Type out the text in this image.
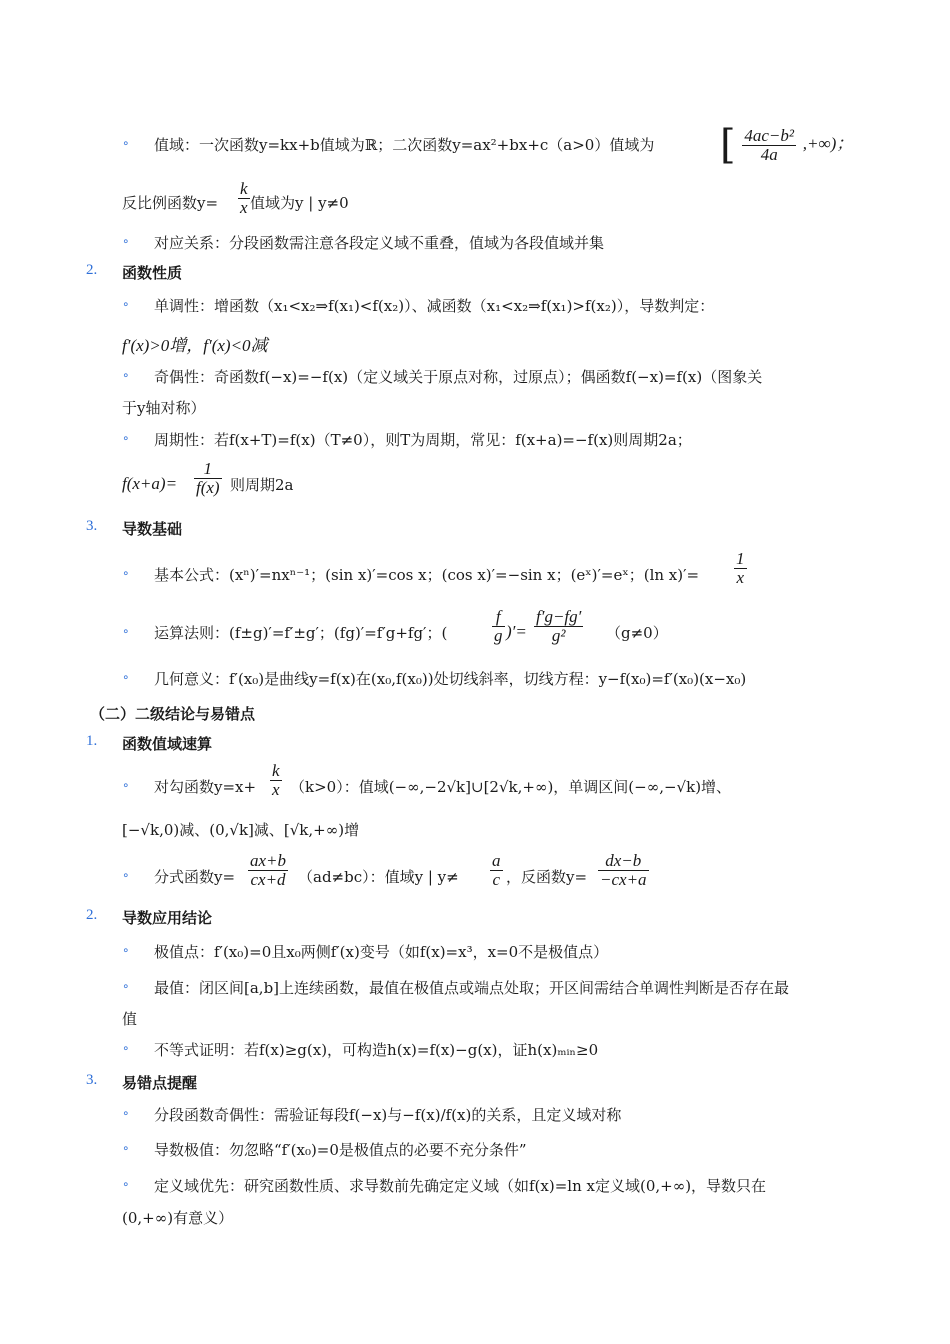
∘ 值域：一次函数y=kx+b值域为ℝ；二次函数y=ax²+bx+c（a>0）值域为 [ $\frac{\text{4ac−b²}}{4a}$ ,+∞)；
反比例函数$y= \frac{k}{x}$ 值域为y | y≠0
∘ 对应关系：分段函数需注意各段定义域不重叠，值域为各段值域并集
2. 函数性质
∘ 单调性：增函数（x₁<x₂⇒f(x₁)<f(x₂)）、减函数（x₁<x₂⇒f(x₁)>f(x₂)），导数判定：
f′(x)>0增，f′(x)<0减
∘ 奇偶性：奇函数f(−x)=−f(x)（定义域关于原点对称，过原点）；偶函数f(−x)=f(x)（图象关
于y轴对称）
∘ 周期性：若f(x+T)=f(x)（T≠0），则T为周期，常见：f(x+a)=−f(x)则周期2a；
$f(x+a)= \frac{1}{f(x)}$ 则周期2a
3. 导数基础
∘ 基本公式：(xⁿ)′=nxⁿ⁻¹；(sin x)′=cos x；(cos x)′=−sin x；(eˣ)′=eˣ；(ln $x)'= \frac{1}{x}$
∘ 运算法则：(f±g)′=f′±g′；(fg)′=f′g+fg′；(	$\frac{f}{g}$ )′= $\frac{f'g-fg'}{\text{g²}} (g\ne 0)$
∘ 几何意义：f′(x₀)是曲线y=f(x)在(x₀,f(x₀))处切线斜率，切线方程：y−f(x₀)=f′(x₀)(x−x₀)
（二）二级结论与易错点
1. 函数值域速算
∘ 对勾函数$y=x+ \frac{k}{x} (k>0)$：值域(−∞,−2√k]∪[2√k,+∞)，单调区间(−∞,−√k)增、
[−√k,0)减、(0,√k]减、[√k,+∞)增
∘ 分式函数$y= \frac{ax+b}{cx+d} (ad\ne bc)$：值域y | $y\ne \frac{a}{c}$ ，反函数$y= \frac{dx-b}{-cx+a}$
2. 导数应用结论
∘ 极值点：f′(x₀)=0且x₀两侧f′(x)变号（如f(x)=x³，x=0不是极值点）
∘ 最值：闭区间[a,b]上连续函数，最值在极值点或端点处取；开区间需结合单调性判断是否存在最
值
∘ 不等式证明：若f(x)≥g(x)，可构造h(x)=f(x)−g(x)，证h(x)ₘᵢₙ≥0
3. 易错点提醒
∘ 分段函数奇偶性：需验证每段f(−x)与−f(x)/f(x)的关系，且定义域对称
∘ 导数极值：勿忽略“f′(x₀)=0是极值点的必要不充分条件”
∘ 定义域优先：研究函数性质、求导数前先确定定义域（如f(x)=ln x定义域(0,+∞)，导数只在
(0,+∞)有意义）
